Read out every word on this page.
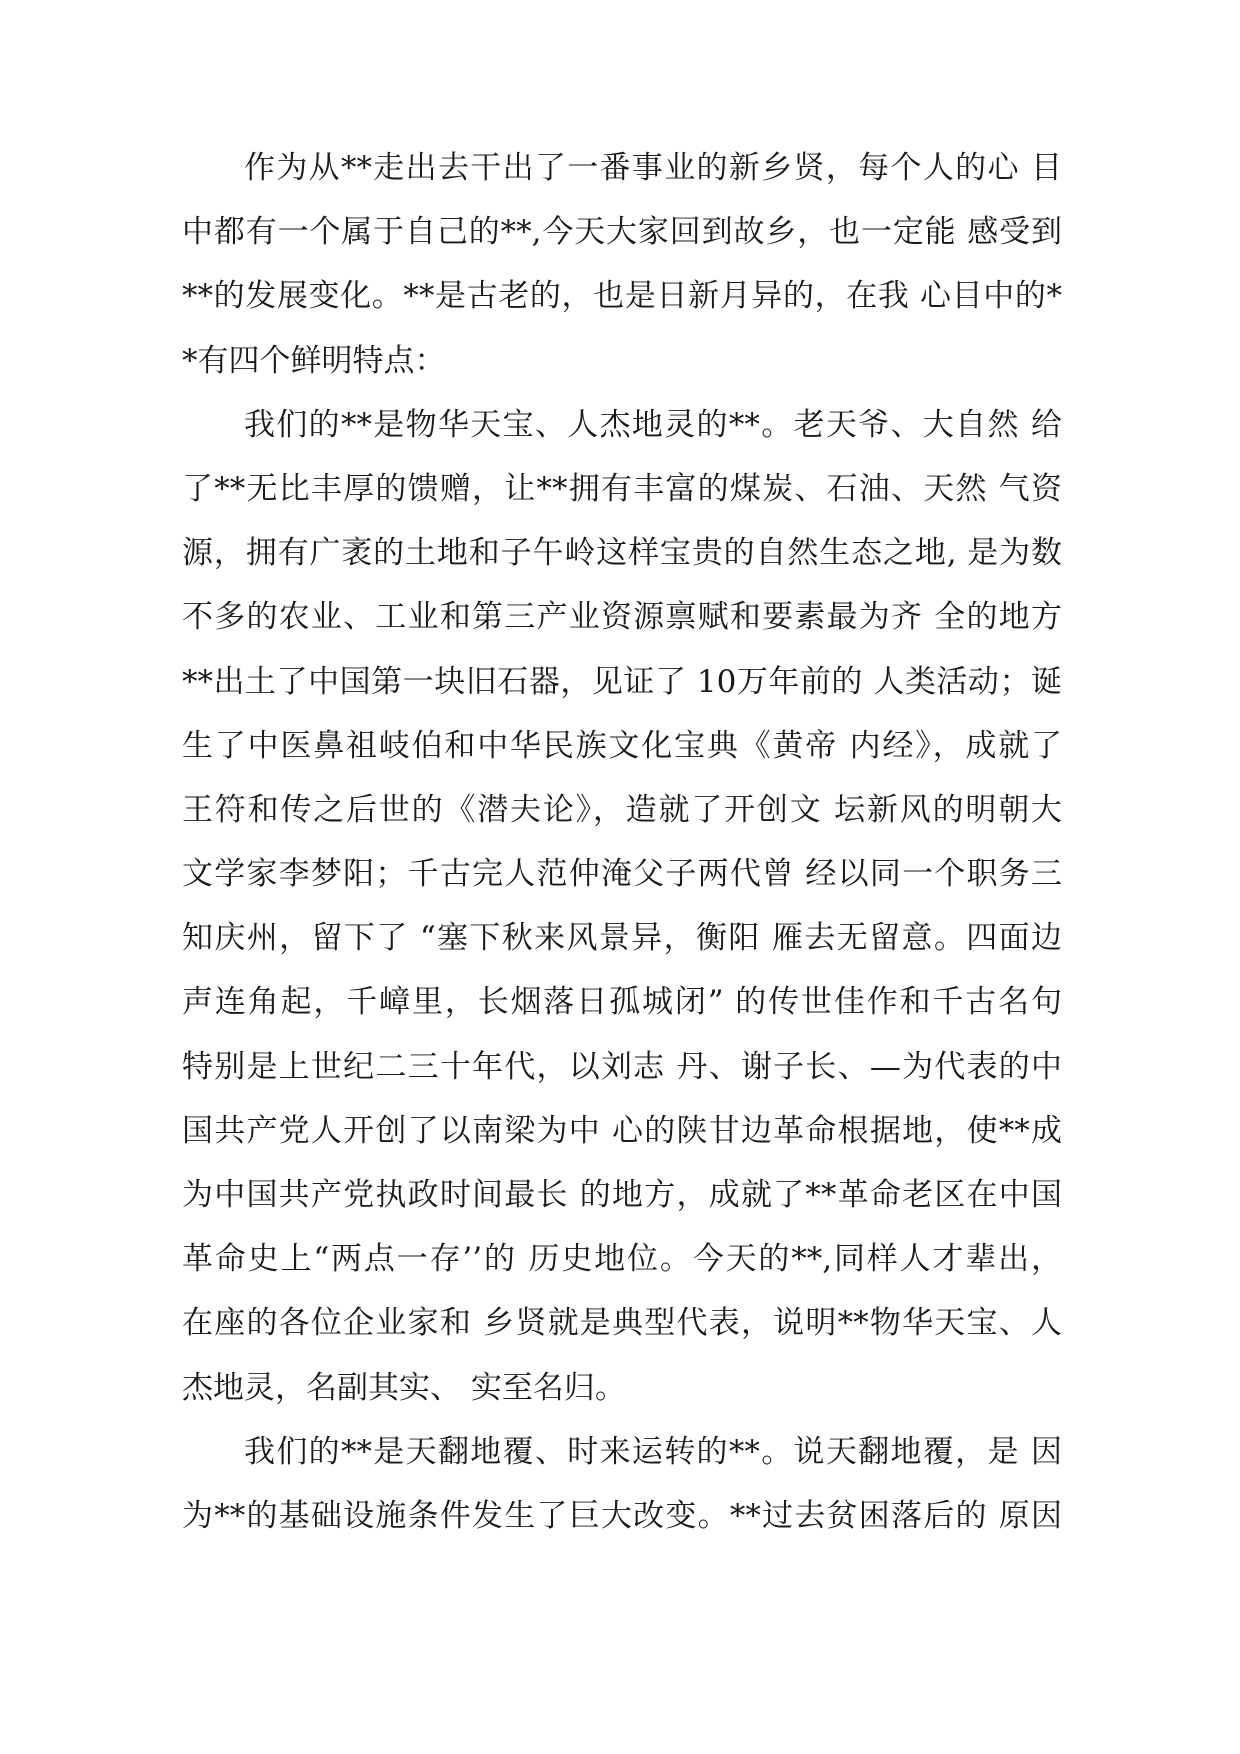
作为从**走出去干出了一番事业的新乡贤，每个人的心 目
中都有一个属于自己的**,今天大家回到故乡，也一定能 感受到
**的发展变化。**是古老的，也是日新月异的，在我 心目中的*
*有四个鲜明特点：
我们的**是物华天宝、人杰地灵的**。老天爷、大自然 给
了**无比丰厚的馈赠，让**拥有丰富的煤炭、石油、天然 气资
源，拥有广袤的土地和子午岭这样宝贵的自然生态之地, 是为数
不多的农业、工业和第三产业资源禀赋和要素最为齐 全的地方
**出土了中国第一块旧石器，见证了 10万年前的 人类活动；诞
生了中医鼻祖岐伯和中华民族文化宝典《黄帝 内经》，成就了
王符和传之后世的《潜夫论》，造就了开创文 坛新风的明朝大
文学家李梦阳；千古完人范仲淹父子两代曾 经以同一个职务三
知庆州，留下了 “塞下秋来风景异，衡阳 雁去无留意。四面边
声连角起，千嶂里，长烟落日孤城闭” 的传世佳作和千古名句
特别是上世纪二三十年代，以刘志 丹、谢子长、—为代表的中
国共产党人开创了以南梁为中 心的陕甘边革命根据地，使**成
为中国共产党执政时间最长 的地方，成就了**革命老区在中国
革命史上“两点一存’’的 历史地位。今天的**,同样人才辈出，
在座的各位企业家和 乡贤就是典型代表，说明**物华天宝、人
杰地灵，名副其实、 实至名归。
我们的**是天翻地覆、时来运转的**。说天翻地覆，是 因
为**的基础设施条件发生了巨大改变。**过去贫困落后的 原因
